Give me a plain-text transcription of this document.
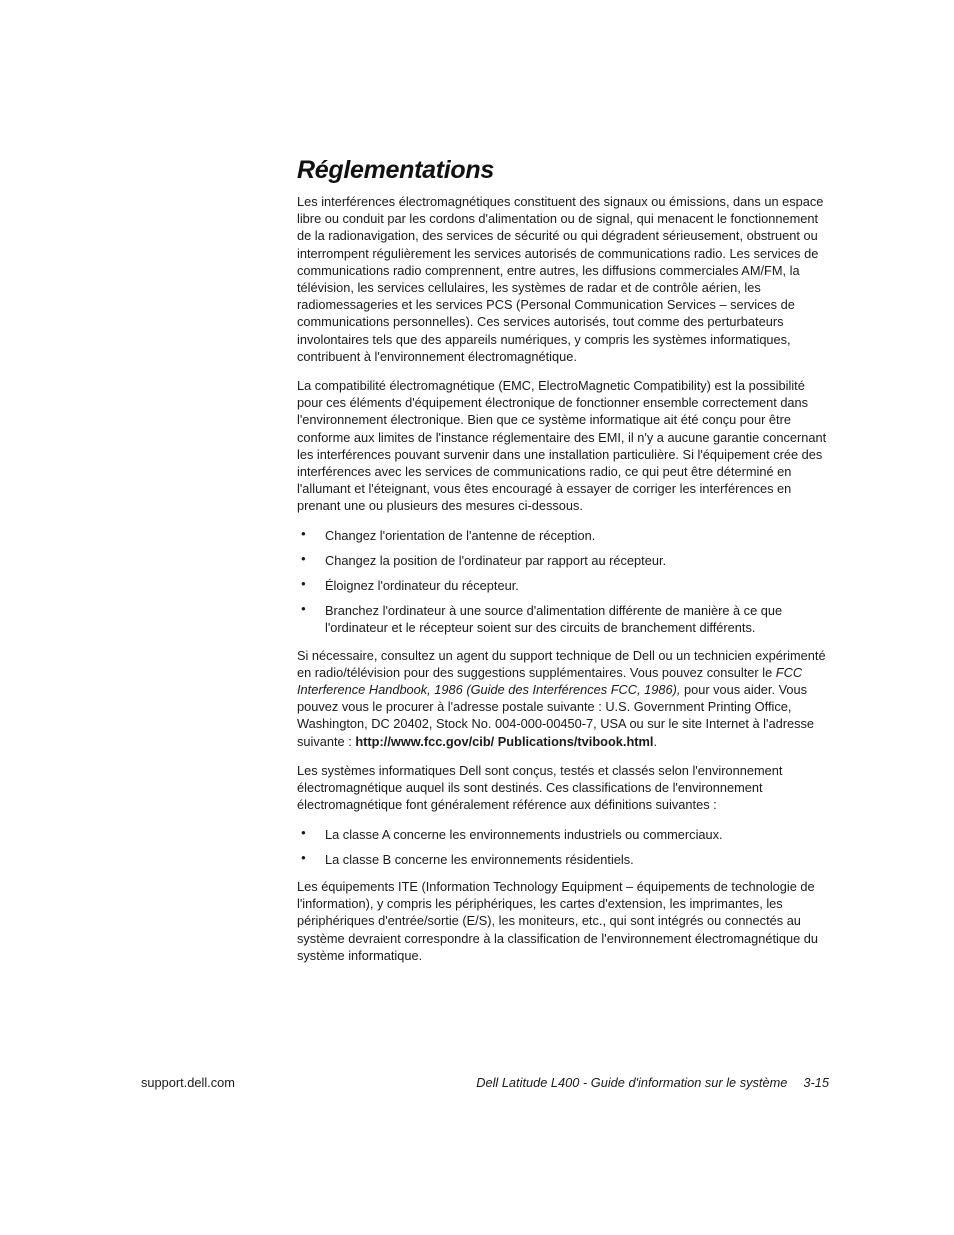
Réglementations

Les interférences électromagnétiques constituent des signaux ou émissions, dans un espace libre ou conduit par les cordons d'alimentation ou de signal, qui menacent le fonctionnement de la radionavigation, des services de sécurité ou qui dégradent sérieusement, obstruent ou interrompent régulièrement les services autorisés de communications radio. Les services de communications radio comprennent, entre autres, les diffusions commerciales AM/FM, la télévision, les services cellulaires, les systèmes de radar et de contrôle aérien, les radiomessageries et les services PCS (Personal Communication Services – services de communications personnelles). Ces services autorisés, tout comme des perturbateurs involontaires tels que des appareils numériques, y compris les systèmes informatiques, contribuent à l'environnement électromagnétique.

La compatibilité électromagnétique (EMC, ElectroMagnetic Compatibility) est la possibilité pour ces éléments d'équipement électronique de fonctionner ensemble correctement dans l'environnement électronique. Bien que ce système informatique ait été conçu pour être conforme aux limites de l'instance réglementaire des EMI, il n'y a aucune garantie concernant les interférences pouvant survenir dans une installation particulière. Si l'équipement crée des interférences avec les services de communications radio, ce qui peut être déterminé en l'allumant et l'éteignant, vous êtes encouragé à essayer de corriger les interférences en prenant une ou plusieurs des mesures ci-dessous.

• Changez l'orientation de l'antenne de réception.
• Changez la position de l'ordinateur par rapport au récepteur.
• Éloignez l'ordinateur du récepteur.
• Branchez l'ordinateur à une source d'alimentation différente de manière à ce que l'ordinateur et le récepteur soient sur des circuits de branchement différents.

Si nécessaire, consultez un agent du support technique de Dell ou un technicien expérimenté en radio/télévision pour des suggestions supplémentaires. Vous pouvez consulter le FCC Interference Handbook, 1986 (Guide des Interférences FCC, 1986), pour vous aider. Vous pouvez vous le procurer à l'adresse postale suivante : U.S. Government Printing Office, Washington, DC 20402, Stock No. 004-000-00450-7, USA ou sur le site Internet à l'adresse suivante : http://www.fcc.gov/cib/ Publications/tvibook.html.

Les systèmes informatiques Dell sont conçus, testés et classés selon l'environnement électromagnétique auquel ils sont destinés. Ces classifications de l'environnement électromagnétique font généralement référence aux définitions suivantes :

• La classe A concerne les environnements industriels ou commerciaux.
• La classe B concerne les environnements résidentiels.

Les équipements ITE (Information Technology Equipment – équipements de technologie de l'information), y compris les périphériques, les cartes d'extension, les imprimantes, les périphériques d'entrée/sortie (E/S), les moniteurs, etc., qui sont intégrés ou connectés au système devraient correspondre à la classification de l'environnement électromagnétique du système informatique.

support.dell.com	Dell Latitude L400 - Guide d'information sur le système 3-15
